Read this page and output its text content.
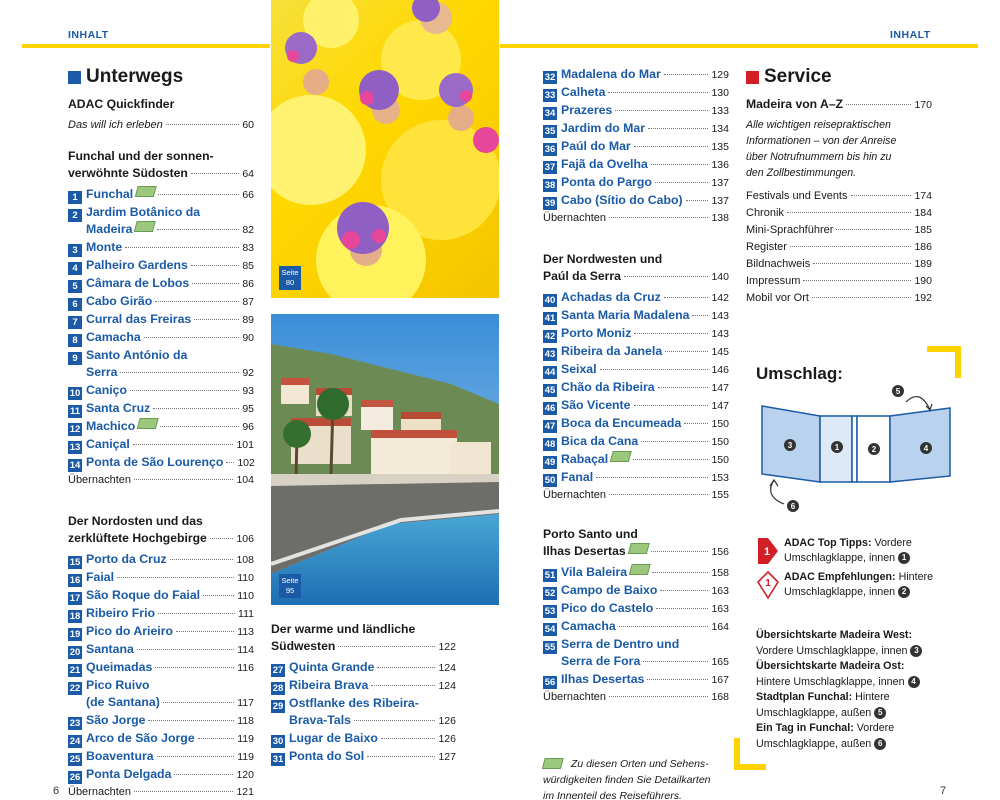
INHALT	INHALT
Unterwegs
ADAC Quickfinder
Das will ich erleben	60
Funchal und der sonnen-
verwöhnte Südosten	64
1 Funchal	66
2 Jardim Botânico da
Madeira	82
3 Monte	83
4 Palheiro Gardens	85
5 Câmara de Lobos	86
6 Cabo Girão	87
7 Curral das Freiras	89
8 Camacha	90
9 Santo António da
Serra	92
10 Caniço	93
11 Santa Cruz	95
12 Machico	96
13 Caniçal	101
14 Ponta de São Lourenço 102
Übernachten	104
Der Nordosten und das
zerklüftete Hochgebirge	106
15 Porto da Cruz	108
16 Faial	110
17 São Roque do Faial	110
18 Ribeiro Frio	111
19 Pico do Arieiro	113
20 Santana	114
21 Queimadas	116
22 Pico Ruivo
(de Santana)	117
23 São Jorge	118
24 Arco de São Jorge	119
25 Boaventura	119
26 Ponta Delgada	120
Übernachten	121
Seite
80
Seite
95
Der warme und ländliche
Südwesten	122
27 Quinta Grande	124
28 Ribeira Brava	124
29 Ostflanke des Ribeira-
Brava-Tals	126
30 Lugar de Baixo	126
31 Ponta do Sol	127
32 Madalena do Mar	129
33 Calheta	130
34 Prazeres	133
35 Jardim do Mar	134
36 Paúl do Mar	135
37 Fajã da Ovelha	136
38 Ponta do Pargo	137
39 Cabo (Sítio do Cabo)	137
Übernachten	138
Der Nordwesten und
Paúl da Serra	140
40 Achadas da Cruz	142
41 Santa Maria Madalena 143
42 Porto Moniz	143
43 Ribeira da Janela	145
44 Seixal	146
45 Chão da Ribeira	147
46 São Vicente	147
47 Boca da Encumeada	150
48 Bica da Cana	150
49 Rabaçal	150
50 Fanal	153
Übernachten	155
Porto Santo und
Ilhas Desertas	156
51 Vila Baleira	158
52 Campo de Baixo	163
53 Pico do Castelo	163
54 Camacha	164
55 Serra de Dentro und
Serra de Fora	165
56 Ilhas Desertas	167
Übernachten	168
Zu diesen Orten und Sehens-
würdigkeiten finden Sie Detailkarten
im Innenteil des Reiseführers.
Service
Madeira von A–Z	170
Alle wichtigen reisepraktischen
Informationen – von der Anreise
über Notrufnummern bis hin zu
den Zollbestimmungen.
Festivals und Events	174
Chronik	184
Mini-Sprachführer	185
Register	186
Bildnachweis	189
Impressum	190
Mobil vor Ort	192
Umschlag:
1	2
3	4
5
6
1
ADAC Top Tipps: Vordere
Umschlagklappe, innen 1
1
ADAC Empfehlungen: Hintere
Umschlagklappe, innen 2
Übersichtskarte Madeira West:
Vordere Umschlagklappe, innen 3
Übersichtskarte Madeira Ost:
Hintere Umschlagklappe, innen 4
Stadtplan Funchal: Hintere
Umschlagklappe, außen 5
Ein Tag in Funchal: Vordere
Umschlagklappe, außen 6
6	7
